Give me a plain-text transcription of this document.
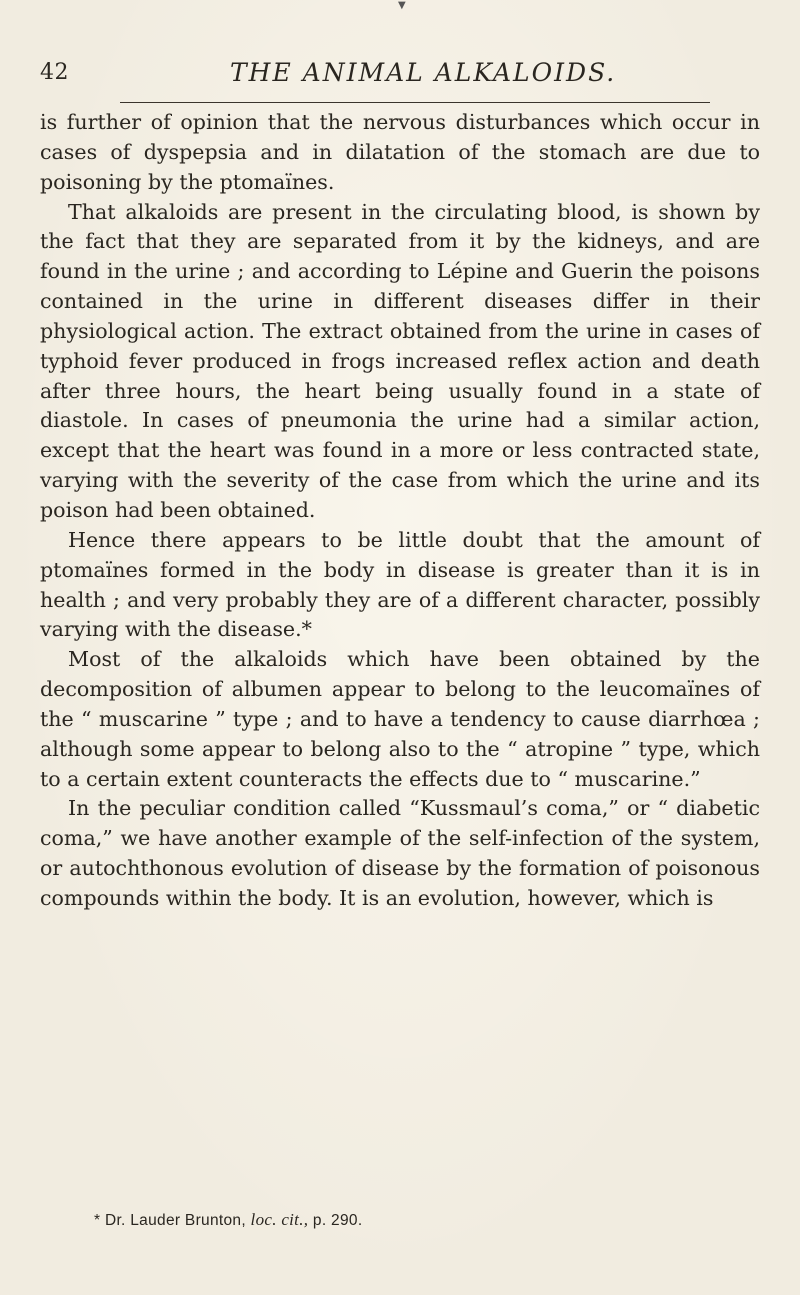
▼
42	THE ANIMAL ALKALOIDS.

is further of opinion that the nervous disturbances which occur in cases of dyspepsia and in dilatation of the stomach are due to poisoning by the ptomaïnes.

That alkaloids are present in the circulating blood, is shown by the fact that they are separated from it by the kidneys, and are found in the urine ; and according to Lépine and Guerin the poisons contained in the urine in different diseases differ in their physiological action. The extract obtained from the urine in cases of typhoid fever produced in frogs increased reflex action and death after three hours, the heart being usually found in a state of diastole. In cases of pneumonia the urine had a similar action, except that the heart was found in a more or less contracted state, varying with the severity of the case from which the urine and its poison had been obtained.

Hence there appears to be little doubt that the amount of ptomaïnes formed in the body in disease is greater than it is in health ; and very probably they are of a different character, possibly varying with the disease.*

Most of the alkaloids which have been obtained by the decomposition of albumen appear to belong to the leucomaïnes of the “ muscarine ” type ; and to have a tendency to cause diarrhœa ; although some appear to belong also to the “ atropine ” type, which to a certain extent counteracts the effects due to “ muscarine.”

In the peculiar condition called “Kussmaul’s coma,” or “ diabetic coma,” we have another example of the self-infection of the system, or autochthonous evolution of disease by the formation of poisonous compounds within the body. It is an evolution, however, which is

* Dr. Lauder Brunton, loc. cit., p. 290.
